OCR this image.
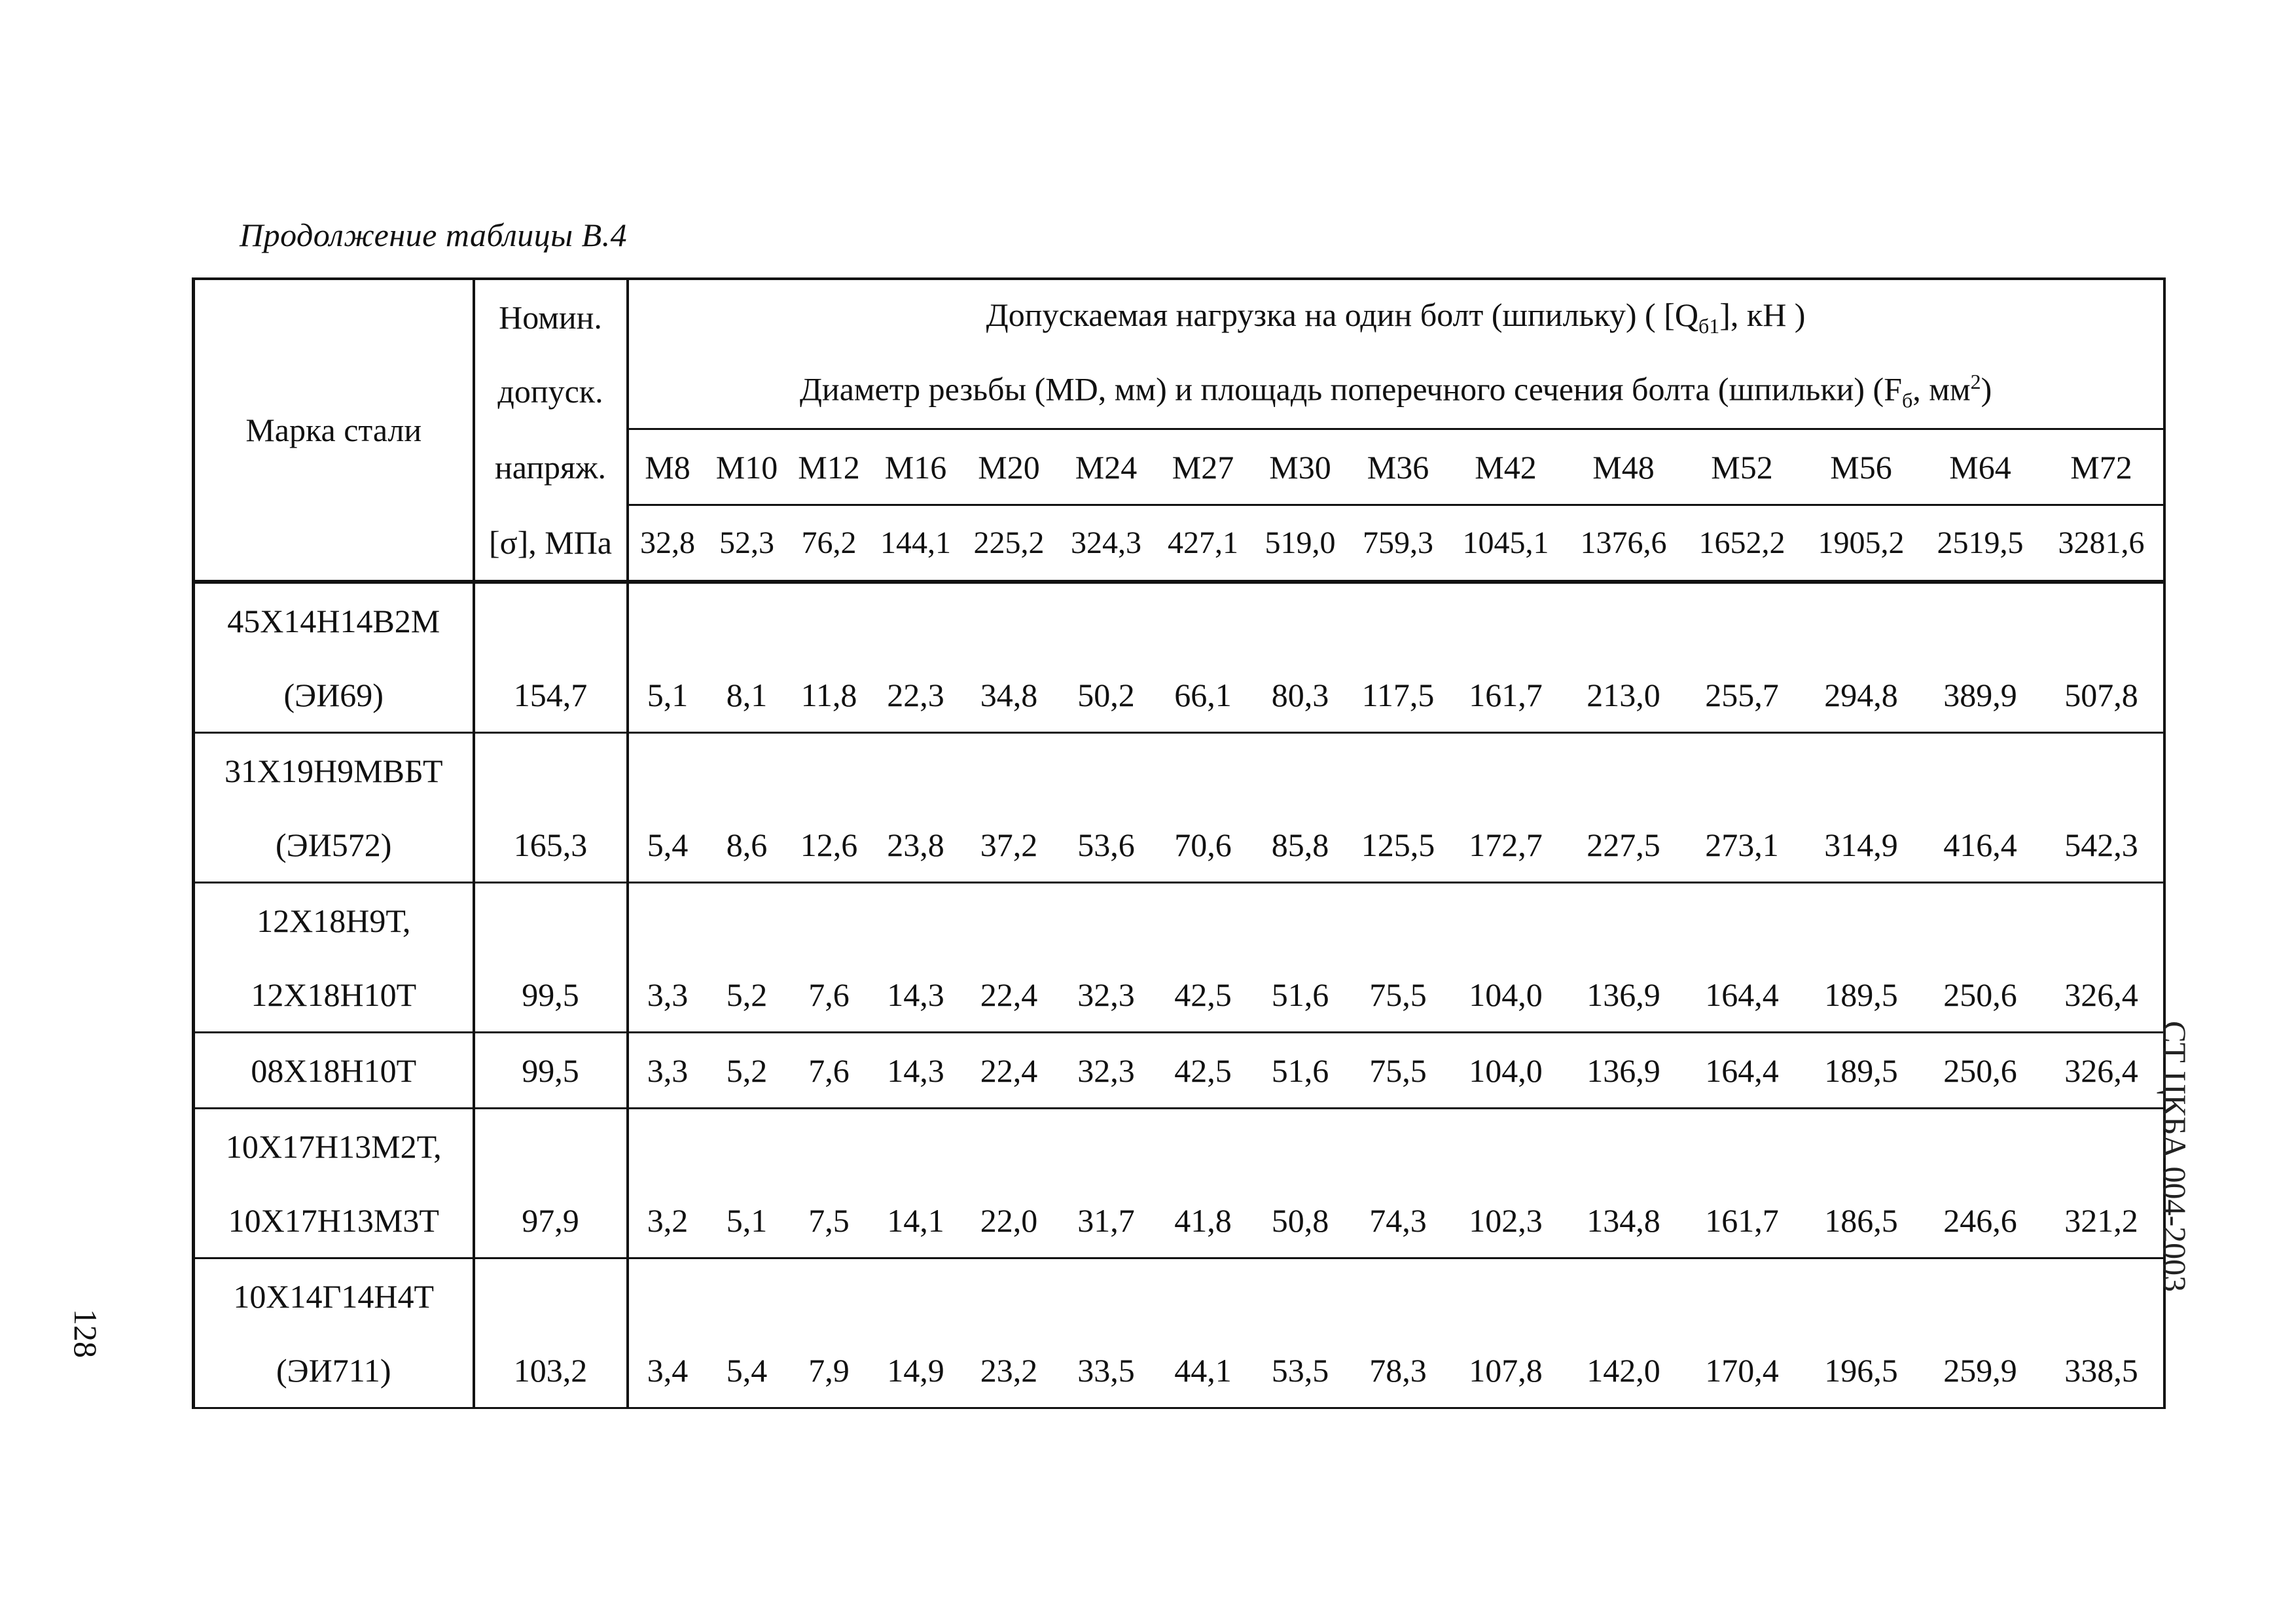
Продолжение таблицы В.4
Марка стали	Номин.	Допускаемая нагрузка на один болт (шпильку) ( $[Q_{б1}]$, кН )														
	допуск.	Диаметр резьбы (MD, мм) и площадь поперечного сечения болта (шпильки) ($F_б$, $мм^2$)														
	напряж.	M8	M10	M12	M16	M20	M24	M27	M30	M36	M42	M48	M52	M56	M64	M72
	[σ], МПа	32,8	52,3	76,2	144,1	225,2	324,3	427,1	519,0	759,3	1045,1	1376,6	1652,2	1905,2	2519,5	3281,6
45Х14Н14В2М																
(ЭИ69)	154,7	5,1	8,1	11,8	22,3	34,8	50,2	66,1	80,3	117,5	161,7	213,0	255,7	294,8	389,9	507,8
31Х19Н9МВБТ																
(ЭИ572)	165,3	5,4	8,6	12,6	23,8	37,2	53,6	70,6	85,8	125,5	172,7	227,5	273,1	314,9	416,4	542,3
12Х18Н9Т,																
12Х18Н10Т	99,5	3,3	5,2	7,6	14,3	22,4	32,3	42,5	51,6	75,5	104,0	136,9	164,4	189,5	250,6	326,4
08Х18Н10Т	99,5	3,3	5,2	7,6	14,3	22,4	32,3	42,5	51,6	75,5	104,0	136,9	164,4	189,5	250,6	326,4
10Х17Н13М2Т,																
10Х17Н13М3Т	97,9	3,2	5,1	7,5	14,1	22,0	31,7	41,8	50,8	74,3	102,3	134,8	161,7	186,5	246,6	321,2
10Х14Г14Н4Т																
(ЭИ711)	103,2	3,4	5,4	7,9	14,9	23,2	33,5	44,1	53,5	78,3	107,8	142,0	170,4	196,5	259,9	338,5
СТ ЦКБА 004-2003
128
